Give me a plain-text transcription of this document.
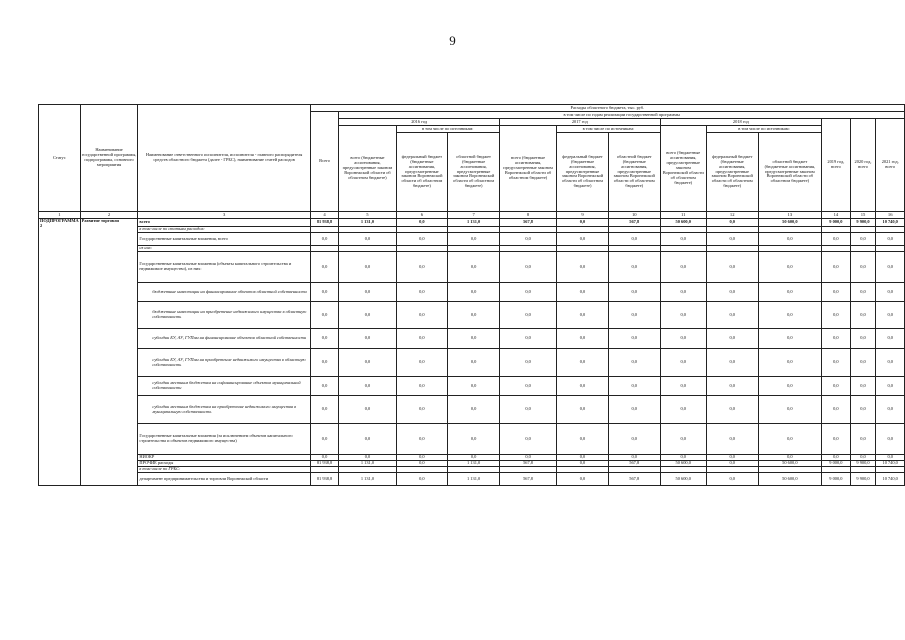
9
Статус	Наименование государственной программы, подпрограммы, основного мероприятия	Наименование ответственного исполнителя, исполнителя - главного распорядителя средств областного бюджета (далее - ГРБС), наименование статей расходов	Расходы областного бюджета, тыс. руб.												
			Всего	в том числе по годам реализации государственной программы											
				2016 год			2017 год			2018 год			2019 год, всего	2020 год, всего	2021 год, всего
				всего (бюджетные ассигнования, предусмотренные законом Воронежской области об областном бюджете)	в том числе по источникам:		всего (бюджетные ассигнования, предусмотренные законом Воронежской области об областном бюджете)	в том числе по источникам:		всего (бюджетные ассигнования, предусмотренные законом Воронежской области об областном бюджете)	в том числе по источникам:				
					федеральный бюджет (бюджетные ассигнования, предусмотренные законом Воронежской области об областном бюджете)	областной бюджет (бюджетные ассигнования, предусмотренные законом Воронежской области об областном бюджете)		федеральный бюджет (бюджетные ассигнования, предусмотренные законом Воронежской области об областном бюджете)	областной бюджет (бюджетные ассигнования, предусмотренные законом Воронежской области об областном бюджете)		федеральный бюджет (бюджетные ассигнования, предусмотренные законом Воронежской области об областном бюджете)	областной бюджет (бюджетные ассигнования, предусмотренные законом Воронежской области об областном бюджете)			
1	2	3	4	5	6	7	8	9	10	11	12	13	14	15	16
ПОДПРОГРАММА 2	Развитие торговли	всего	81 938,8	1 131,0	0,0	1 131,0	567,8	0,0	567,8	50 600,0	0,0	50 600,0	9 000,0	9 900,0	10 740,0
		в том числе по статьям расходов:													
		Государственные капитальные вложения, всего	0,0	0,0	0,0	0,0	0,0	0,0	0,0	0,0	0,0	0,0	0,0	0,0	0,0
		из них:													
		Государственные капитальные вложения (объекты капитального строительства и недвижимое имущество), из них:	0,0	0,0	0,0	0,0	0,0	0,0	0,0	0,0	0,0	0,0	0,0	0,0	0,0
		бюджетные инвестиции на финансирование объектов областной собственности	0,0	0,0	0,0	0,0	0,0	0,0	0,0	0,0	0,0	0,0	0,0	0,0	0,0
		бюджетные инвестиции на приобретение недвижимого имущества в областную собственность	0,0	0,0	0,0	0,0	0,0	0,0	0,0	0,0	0,0	0,0	0,0	0,0	0,0
		субсидии БУ, АУ, ГУПам на финансирование объектов областной собственности	0,0	0,0	0,0	0,0	0,0	0,0	0,0	0,0	0,0	0,0	0,0	0,0	0,0
		субсидии БУ, АУ, ГУПам на приобретение недвижимого имущества в областную собственность	0,0	0,0	0,0	0,0	0,0	0,0	0,0	0,0	0,0	0,0	0,0	0,0	0,0
		субсидии местным бюджетам на софинансирование объектов муниципальной собственности	0,0	0,0	0,0	0,0	0,0	0,0	0,0	0,0	0,0	0,0	0,0	0,0	0,0
		субсидии местным бюджетам на приобретение недвижимого имущества в муниципальную собственность	0,0	0,0	0,0	0,0	0,0	0,0	0,0	0,0	0,0	0,0	0,0	0,0	0,0
		Государственные капитальные вложения (за исключением объектов капитального строительства и объектов недвижимого имущества)	0,0	0,0	0,0	0,0	0,0	0,0	0,0	0,0	0,0	0,0	0,0	0,0	0,0
		НИОКР	0,0	0,0	0,0	0,0	0,0	0,0	0,0	0,0	0,0	0,0	0,0	0,0	0,0
		ПРОЧИЕ расходы	81 938,8	1 131,0	0,0	1 131,0	567,8	0,0	567,8	50 600,0	0,0	50 600,0	9 000,0	9 900,0	10 740,0
		в том числе по ГРБС:													
		департамент предпринимательства и торговли Воронежской области	81 938,8	1 131,0	0,0	1 131,0	567,8	0,0	567,8	50 600,0	0,0	50 600,0	9 000,0	9 900,0	10 740,0
